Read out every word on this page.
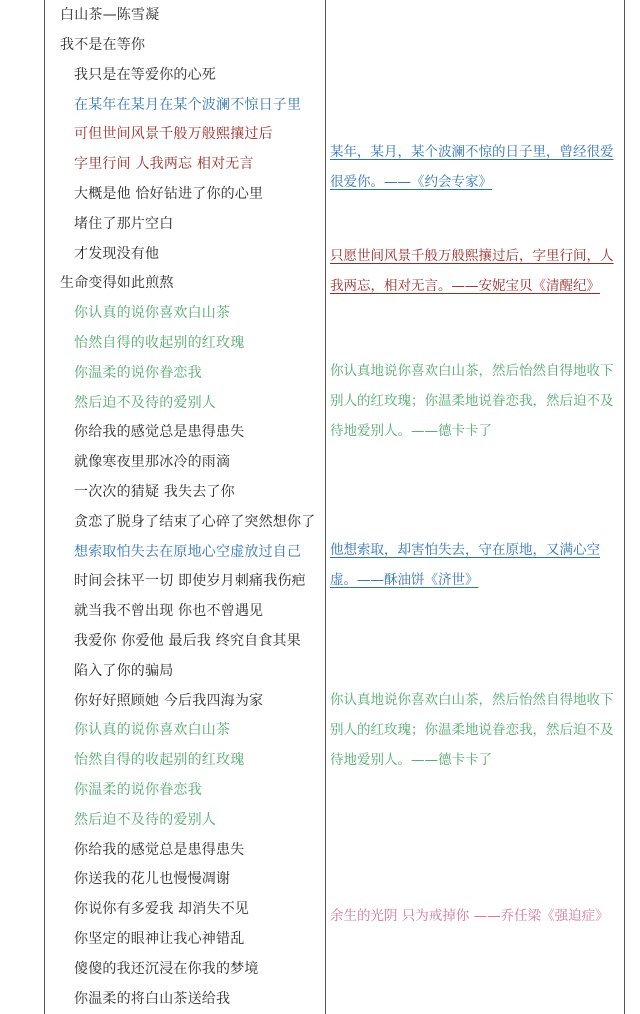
白山茶—陈雪凝
我不是在等你
我只是在等爱你的心死
在某年在某月在某个波澜不惊日子里
可但世间风景千般万般熙攘过后
字里行间 人我两忘 相对无言
大概是他 恰好钻进了你的心里
堵住了那片空白
才发现没有他
生命变得如此煎熬
你认真的说你喜欢白山茶
怡然自得的收起别的红玫瑰
你温柔的说你眷恋我
然后迫不及待的爱别人
你给我的感觉总是患得患失
就像寒夜里那冰冷的雨滴
一次次的猜疑 我失去了你
贪恋了脱身了结束了心碎了突然想你了
想索取怕失去在原地心空虚放过自己
时间会抹平一切 即使岁月刺痛我伤疤
就当我不曾出现 你也不曾遇见
我爱你 你爱他 最后我 终究自食其果
陷入了你的骗局
你好好照顾她 今后我四海为家
你认真的说你喜欢白山茶
怡然自得的收起别的红玫瑰
你温柔的说你眷恋我
然后迫不及待的爱别人
你给我的感觉总是患得患失
你送我的花儿也慢慢凋谢
你说你有多爱我 却消失不见
你坚定的眼神让我心神错乱
傻傻的我还沉浸在你我的梦境
你温柔的将白山茶送给我
某年，某月，某个波澜不惊的日子里，曾经很爱很爱你。——《约会专家》
只愿世间风景千般万般熙攘过后，字里行间，人我两忘，相对无言。——安妮宝贝《清醒纪》
你认真地说你喜欢白山茶，然后怡然自得地收下别人的红玫瑰；你温柔地说眷恋我，然后迫不及待地爱别人。——德卡卡了
他想索取，却害怕失去，守在原地，又满心空虚。——酥油饼《济世》
你认真地说你喜欢白山茶，然后怡然自得地收下别人的红玫瑰；你温柔地说眷恋我，然后迫不及待地爱别人。——德卡卡了
余生的光阴 只为戒掉你 ——乔任梁《强迫症》
